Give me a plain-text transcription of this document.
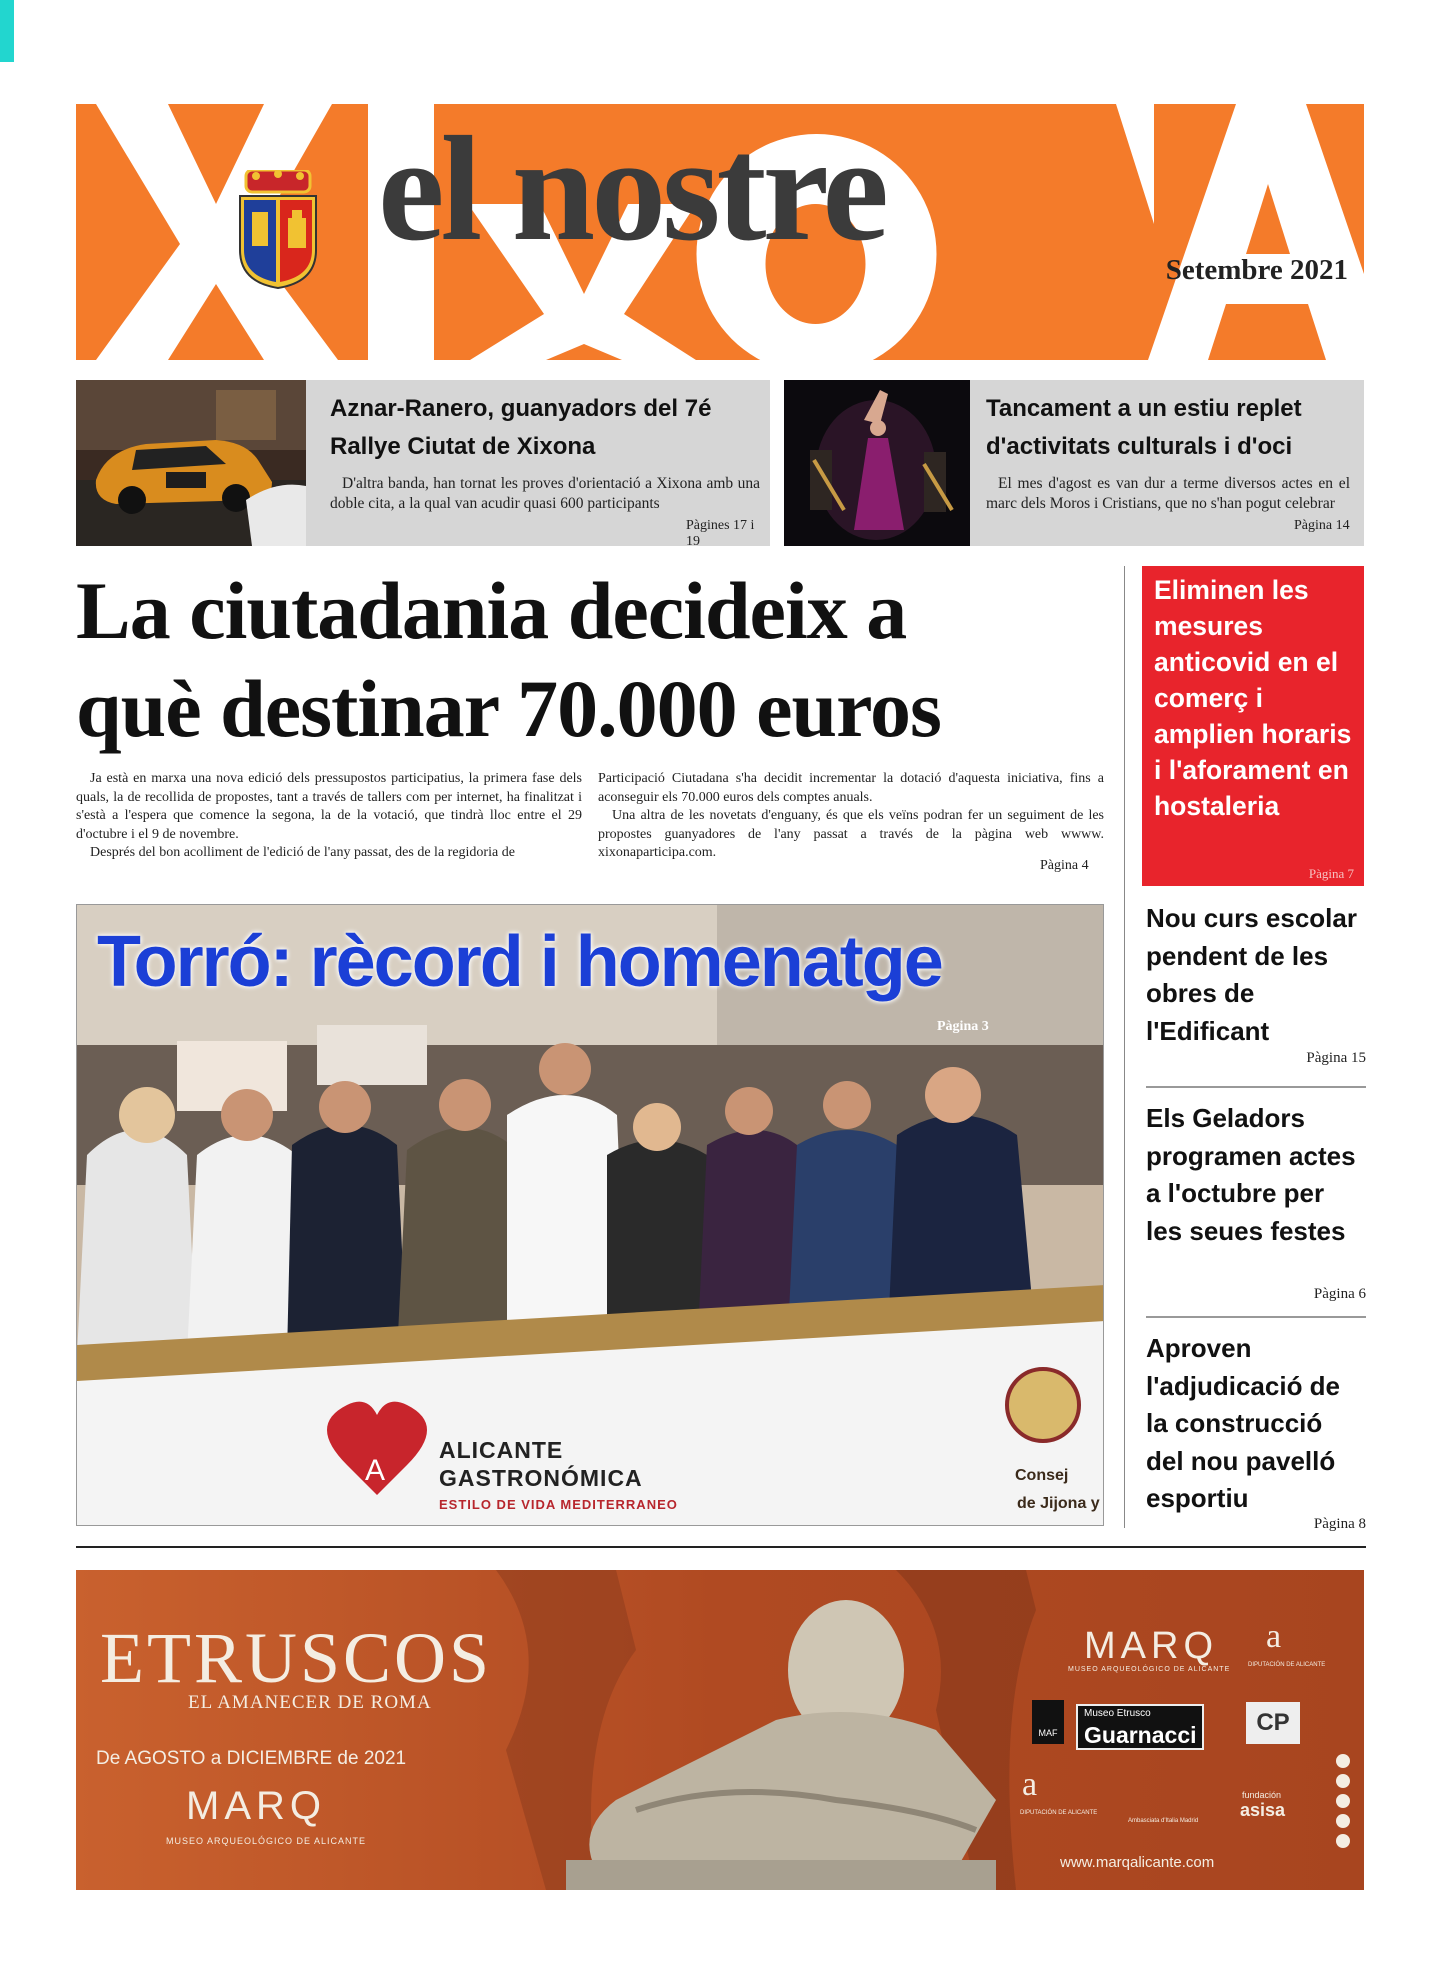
el nostre	Setembre 2021
Aznar-Ranero, guanyadors del 7é
Rallye Ciutat de Xixona
D'altra banda, han tornat les proves d'orientació a Xixona amb una doble cita, a la qual van acudir quasi 600 participants
Pàgines 17 i 19
Tancament a un estiu replet
d'activitats culturals i d'oci
El mes d'agost es van dur a terme diversos actes en el marc dels Moros i Cristians, que no s'han pogut celebrar
Pàgina 14
La ciutadania decideix a
què destinar 70.000 euros

Ja està en marxa una nova edició dels pressupostos participatius, la primera fase dels quals, la de recollida de propostes, tant a través de tallers com per internet, ha finalitzat i s'està a l'espera que comence la segona, la de la votació, que tindrà lloc entre el 29 d'octubre i el 9 de novembre.

Després del bon acolliment de l'edició de l'any passat, des de la regidoria de

Participació Ciutadana s'ha decidit incrementar la dotació d'aquesta iniciativa, fins a aconseguir els 70.000 euros dels comptes anuals.

Una altra de les novetats d'enguany, és que els veïns podran fer un seguiment de les propostes guanyadores de l'any passat a través de la pàgina web wwww. xixonaparticipa.com.

Pàgina 4
A
Torró: rècord i homenatge
Pàgina 3
ALICANTE
GASTRONÓMICA
ESTILO DE VIDA MEDITERRANEO
Consej
de Jijona y
Eliminen les mesures anticovid en el comerç i amplien horaris i l'aforament en hostaleria
Pàgina 7
Nou curs escolar pendent de les obres de l'Edificant
Pàgina 15
Els Geladors programen actes a l'octubre per les seues festes
Pàgina 6
Aproven l'adjudicació de la construcció del nou pavelló esportiu
Pàgina 8
ETRUSCOS
EL AMANECER DE ROMA
De AGOSTO a DICIEMBRE de 2021
MARQ
MUSEO ARQUEOLÓGICO DE ALICANTE
MARQ
MUSEO ARQUEOLÓGICO DE ALICANTE
a
DIPUTACIÓN DE ALICANTE
MAF
Museo Etrusco
Guarnacci	CP
a
DIPUTACIÓN DE ALICANTE
Ambasciata d'Italia Madrid
fundación
asisa
www.marqalicante.com
